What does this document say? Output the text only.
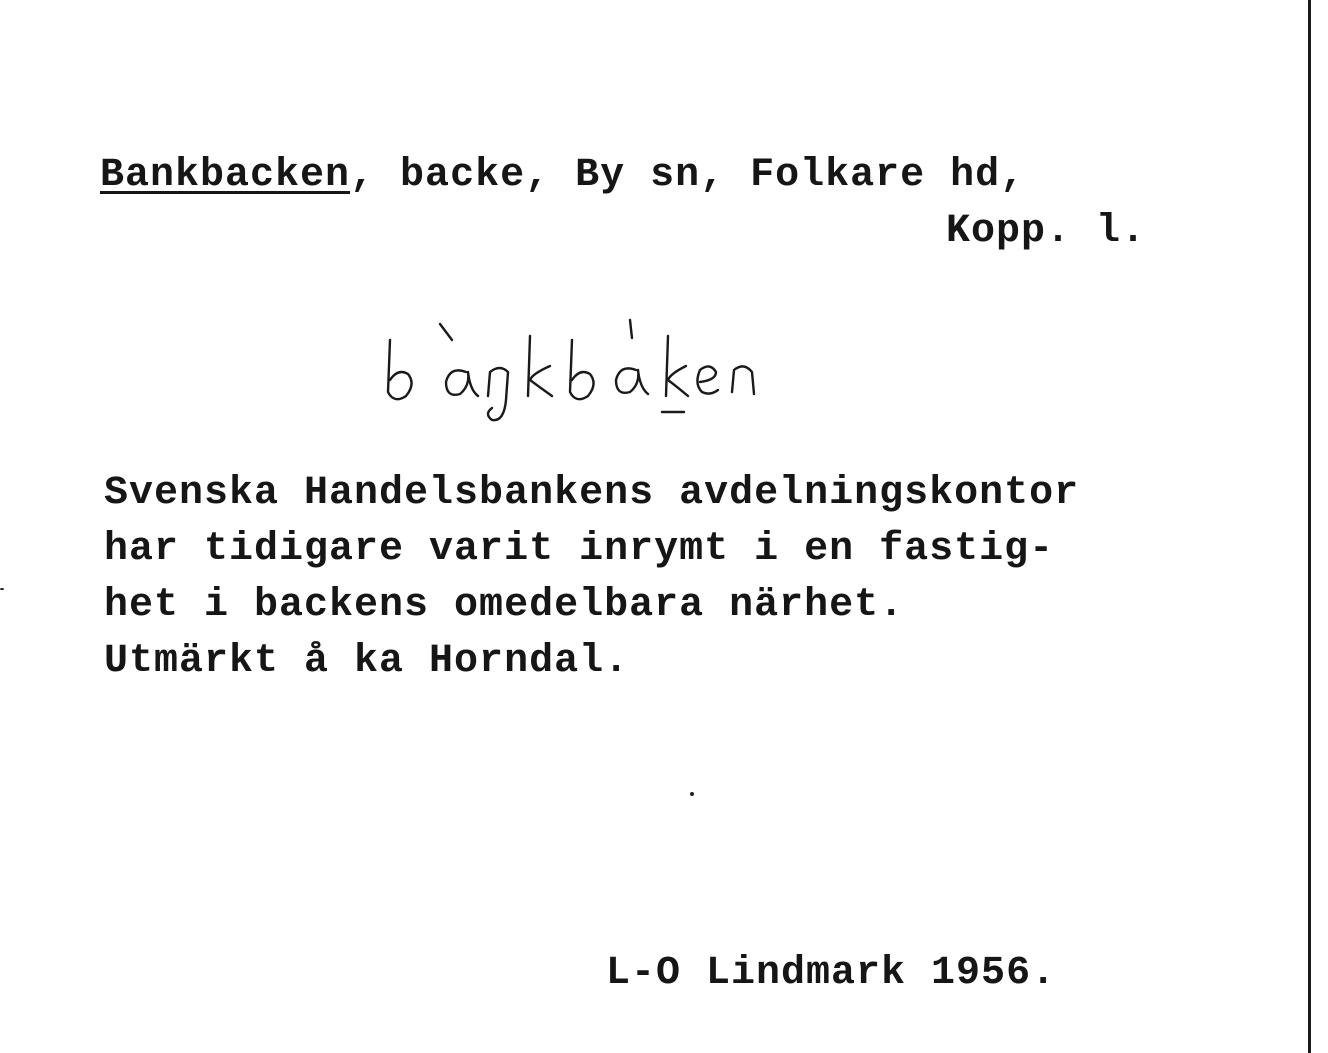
Bankbacken, backe, By sn, Folkare hd,
Kopp. l.
Svenska Handelsbankens avdelningskontor
har tidigare varit inrymt i en fastig-
het i backens omedelbara närhet.
Utmärkt å ka Horndal.
L-O Lindmark 1956.
